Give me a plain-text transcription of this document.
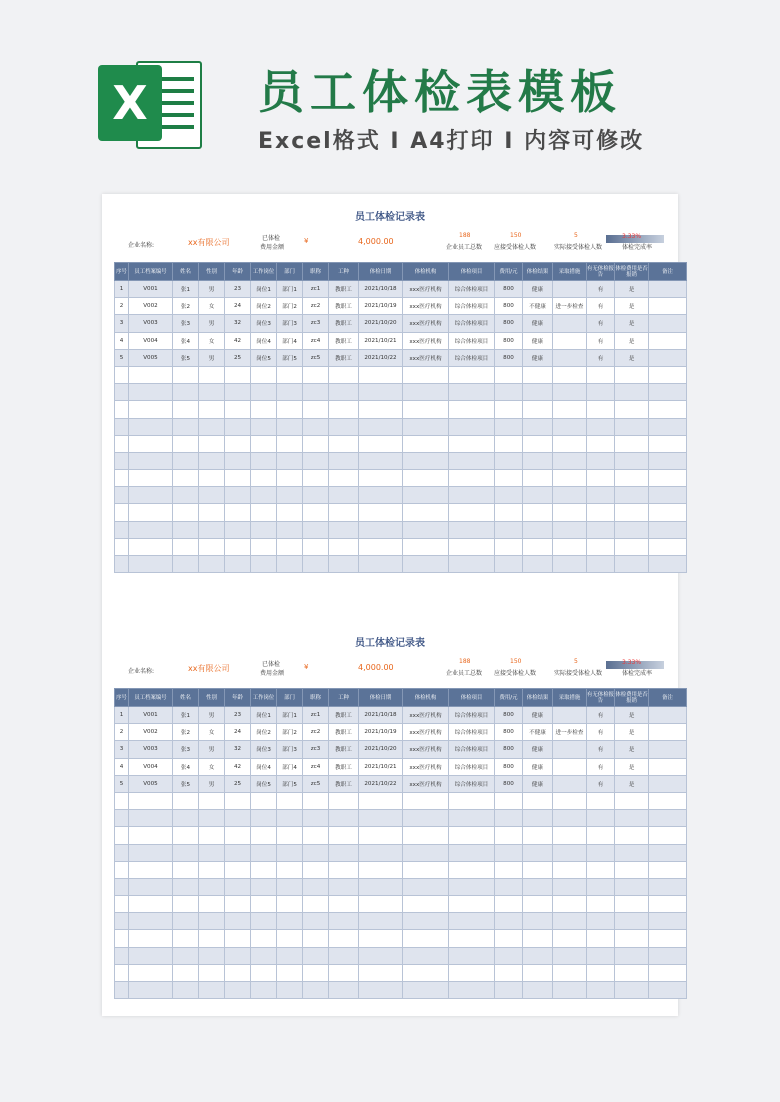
X	员工体检表模板
Excel格式 I A4打印 I 内容可修改
员工体检记录表
企业名称:	xx有限公司	已体检
费用金额
¥	4,000.00
188
企业员工总数
150
应接受体检人数
5
实际接受体检人数
3.33%
体检完成率
序号	员工档案编号	姓名	性别	年龄	工作岗位	部门	职称	工种	体检日期	体检机构	体检项目	费用/元	体检结果	采取措施	有无体检报告	体检费用是否报销	备注
1	V001	张1	男	23	岗位1	部门1	zc1	教职工	2021/10/18	xxx医疗机构	综合体检项目	800	健康		有	是	
2	V002	张2	女	24	岗位2	部门2	zc2	教职工	2021/10/19	xxx医疗机构	综合体检项目	800	不健康	进一步检查	有	是	
3	V003	张3	男	32	岗位3	部门3	zc3	教职工	2021/10/20	xxx医疗机构	综合体检项目	800	健康		有	是	
4	V004	张4	女	42	岗位4	部门4	zc4	教职工	2021/10/21	xxx医疗机构	综合体检项目	800	健康		有	是	
5	V005	张5	男	25	岗位5	部门5	zc5	教职工	2021/10/22	xxx医疗机构	综合体检项目	800	健康		有	是	

员工体检记录表
企业名称:	xx有限公司	已体检
费用金额
¥	4,000.00
188
企业员工总数
150
应接受体检人数
5
实际接受体检人数
3.33%
体检完成率
序号	员工档案编号	姓名	性别	年龄	工作岗位	部门	职称	工种	体检日期	体检机构	体检项目	费用/元	体检结果	采取措施	有无体检报告	体检费用是否报销	备注
1	V001	张1	男	23	岗位1	部门1	zc1	教职工	2021/10/18	xxx医疗机构	综合体检项目	800	健康		有	是	
2	V002	张2	女	24	岗位2	部门2	zc2	教职工	2021/10/19	xxx医疗机构	综合体检项目	800	不健康	进一步检查	有	是	
3	V003	张3	男	32	岗位3	部门3	zc3	教职工	2021/10/20	xxx医疗机构	综合体检项目	800	健康		有	是	
4	V004	张4	女	42	岗位4	部门4	zc4	教职工	2021/10/21	xxx医疗机构	综合体检项目	800	健康		有	是	
5	V005	张5	男	25	岗位5	部门5	zc5	教职工	2021/10/22	xxx医疗机构	综合体检项目	800	健康		有	是	
